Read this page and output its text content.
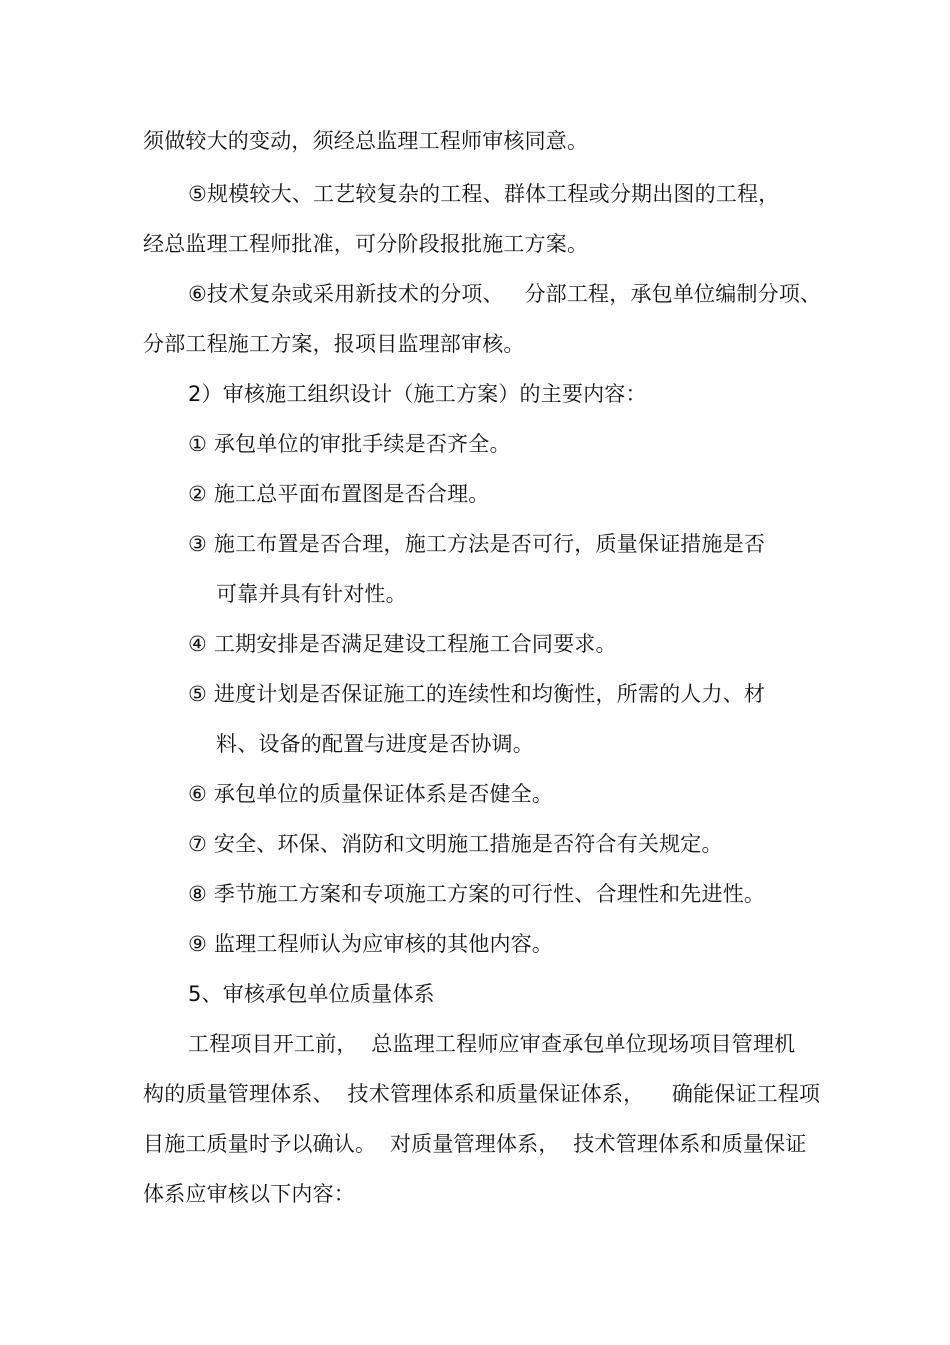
须做较大的变动，须经总监理工程师审核同意。
⑤规模较大、工艺较复杂的工程、群体工程或分期出图的工程，
经总监理工程师批准，可分阶段报批施工方案。
⑥技术复杂或采用新技术的分项、   分部工程，承包单位编制分项、
分部工程施工方案，报项目监理部审核。
2）审核施工组织设计（施工方案）的主要内容：
① 承包单位的审批手续是否齐全。
② 施工总平面布置图是否合理。
③ 施工布置是否合理，施工方法是否可行，质量保证措施是否
可靠并具有针对性。
④ 工期安排是否满足建设工程施工合同要求。
⑤ 进度计划是否保证施工的连续性和均衡性，所需的人力、材
料、设备的配置与进度是否协调。
⑥ 承包单位的质量保证体系是否健全。
⑦ 安全、环保、消防和文明施工措施是否符合有关规定。
⑧ 季节施工方案和专项施工方案的可行性、合理性和先进性。
⑨ 监理工程师认为应审核的其他内容。
5、审核承包单位质量体系
工程项目开工前，  总监理工程师应审查承包单位现场项目管理机
构的质量管理体系、  技术管理体系和质量保证体系，    确能保证工程项
目施工质量时予以确认。  对质量管理体系，  技术管理体系和质量保证
体系应审核以下内容：
